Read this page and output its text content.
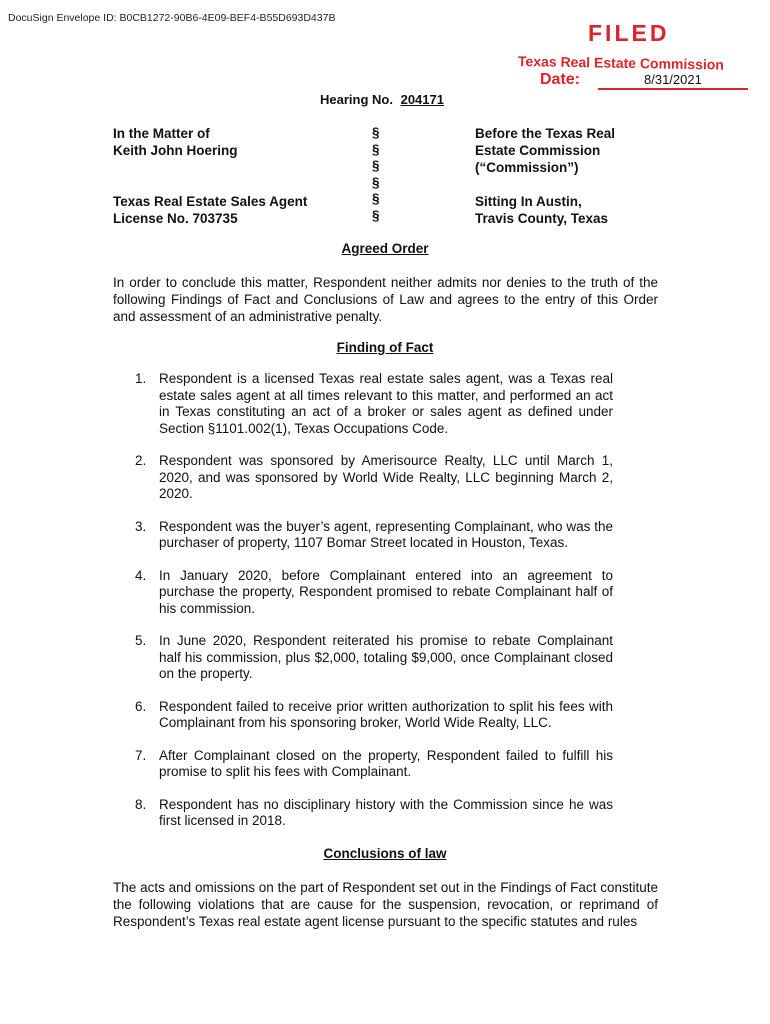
DocuSign Envelope ID: B0CB1272-90B6-4E09-BEF4-B55D693D437B
FILED
Texas Real Estate Commission
Date:	8/31/2021
Hearing No. 204171
In the Matter of
Keith John Hoering
Texas Real Estate Sales Agent
License No. 703735
§
§
§
§
§
§
Before the Texas Real
Estate Commission
(“Commission”)
Sitting In Austin,
Travis County, Texas
Agreed Order
In order to conclude this matter, Respondent neither admits nor denies to the truth of the following Findings of Fact and Conclusions of Law and agrees to the entry of this Order and assessment of an administrative penalty.
Finding of Fact
1. Respondent is a licensed Texas real estate sales agent, was a Texas real estate sales agent at all times relevant to this matter, and performed an act in Texas constituting an act of a broker or sales agent as defined under Section §1101.002(1), Texas Occupations Code.
2. Respondent was sponsored by Amerisource Realty, LLC until March 1, 2020, and was sponsored by World Wide Realty, LLC beginning March 2, 2020.
3. Respondent was the buyer’s agent, representing Complainant, who was the purchaser of property, 1107 Bomar Street located in Houston, Texas.
4. In January 2020, before Complainant entered into an agreement to purchase the property, Respondent promised to rebate Complainant half of his commission.
5. In June 2020, Respondent reiterated his promise to rebate Complainant half his commission, plus $2,000, totaling $9,000, once Complainant closed on the property.
6. Respondent failed to receive prior written authorization to split his fees with Complainant from his sponsoring broker, World Wide Realty, LLC.
7. After Complainant closed on the property, Respondent failed to fulfill his promise to split his fees with Complainant.
8. Respondent has no disciplinary history with the Commission since he was first licensed in 2018.
Conclusions of law
The acts and omissions on the part of Respondent set out in the Findings of Fact constitute the following violations that are cause for the suspension, revocation, or reprimand of Respondent’s Texas real estate agent license pursuant to the specific statutes and rules
